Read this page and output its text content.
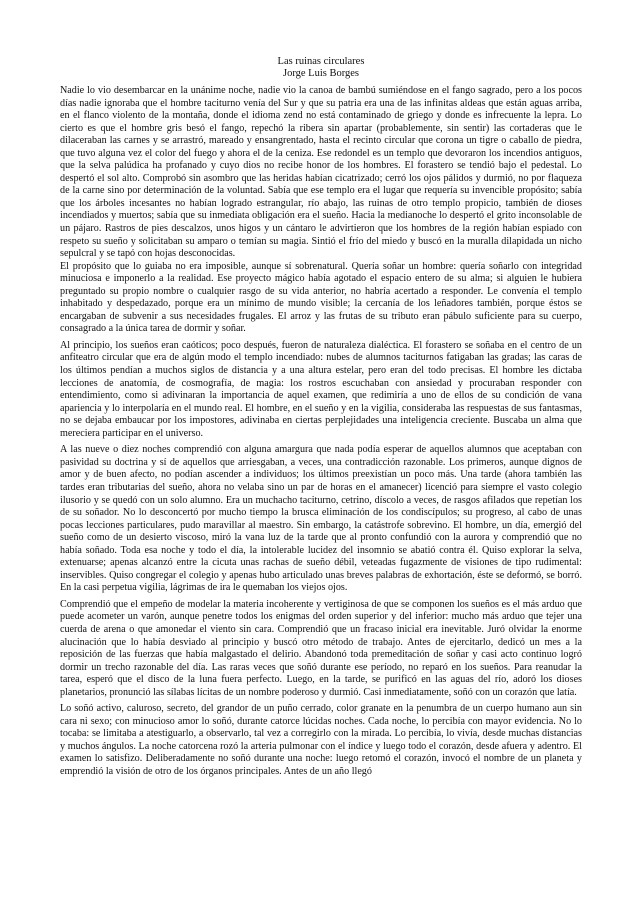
Las ruinas circulares
Jorge Luis Borges

Nadie lo vio desembarcar en la unánime noche, nadie vio la canoa de bambú sumiéndose en el fango sagrado, pero a los pocos días nadie ignoraba que el hombre taciturno venía del Sur y que su patria era una de las infinitas aldeas que están aguas arriba, en el flanco violento de la montaña, donde el idioma zend no está contaminado de griego y donde es infrecuente la lepra. Lo cierto es que el hombre gris besó el fango, repechó la ribera sin apartar (probablemente, sin sentir) las cortaderas que le dilaceraban las carnes y se arrastró, mareado y ensangrentado, hasta el recinto circular que corona un tigre o caballo de piedra, que tuvo alguna vez el color del fuego y ahora el de la ceniza. Ese redondel es un templo que devoraron los incendios antiguos, que la selva palúdica ha profanado y cuyo dios no recibe honor de los hombres. El forastero se tendió bajo el pedestal. Lo despertó el sol alto. Comprobó sin asombro que las heridas habían cicatrizado; cerró los ojos pálidos y durmió, no por flaqueza de la carne sino por determinación de la voluntad. Sabía que ese templo era el lugar que requería su invencible propósito; sabía que los árboles incesantes no habían logrado estrangular, río abajo, las ruinas de otro templo propicio, también de dioses incendiados y muertos; sabía que su inmediata obligación era el sueño. Hacia la medianoche lo despertó el grito inconsolable de un pájaro. Rastros de pies descalzos, unos higos y un cántaro le advirtieron que los hombres de la región habían espiado con respeto su sueño y solicitaban su amparo o temían su magia. Sintió el frío del miedo y buscó en la muralla dilapidada un nicho sepulcral y se tapó con hojas desconocidas.

El propósito que lo guiaba no era imposible, aunque sí sobrenatural. Quería soñar un hombre: quería soñarlo con integridad minuciosa e imponerlo a la realidad. Ese proyecto mágico había agotado el espacio entero de su alma; si alguien le hubiera preguntado su propio nombre o cualquier rasgo de su vida anterior, no habría acertado a responder. Le convenía el templo inhabitado y despedazado, porque era un mínimo de mundo visible; la cercanía de los leñadores también, porque éstos se encargaban de subvenir a sus necesidades frugales. El arroz y las frutas de su tributo eran pábulo suficiente para su cuerpo, consagrado a la única tarea de dormir y soñar.

Al principio, los sueños eran caóticos; poco después, fueron de naturaleza dialéctica. El forastero se soñaba en el centro de un anfiteatro circular que era de algún modo el templo incendiado: nubes de alumnos taciturnos fatigaban las gradas; las caras de los últimos pendían a muchos siglos de distancia y a una altura estelar, pero eran del todo precisas. El hombre les dictaba lecciones de anatomía, de cosmografía, de magia: los rostros escuchaban con ansiedad y procuraban responder con entendimiento, como si adivinaran la importancia de aquel examen, que redimiría a uno de ellos de su condición de vana apariencia y lo interpolaría en el mundo real. El hombre, en el sueño y en la vigilia, consideraba las respuestas de sus fantasmas, no se dejaba embaucar por los impostores, adivinaba en ciertas perplejidades una inteligencia creciente. Buscaba un alma que mereciera participar en el universo.

A las nueve o diez noches comprendió con alguna amargura que nada podía esperar de aquellos alumnos que aceptaban con pasividad su doctrina y sí de aquellos que arriesgaban, a veces, una contradicción razonable. Los primeros, aunque dignos de amor y de buen afecto, no podían ascender a individuos; los últimos preexistían un poco más. Una tarde (ahora también las tardes eran tributarias del sueño, ahora no velaba sino un par de horas en el amanecer) licenció para siempre el vasto colegio ilusorio y se quedó con un solo alumno. Era un muchacho taciturno, cetrino, díscolo a veces, de rasgos afilados que repetían los de su soñador. No lo desconcertó por mucho tiempo la brusca eliminación de los condiscípulos; su progreso, al cabo de unas pocas lecciones particulares, pudo maravillar al maestro. Sin embargo, la catástrofe sobrevino. El hombre, un día, emergió del sueño como de un desierto viscoso, miró la vana luz de la tarde que al pronto confundió con la aurora y comprendió que no había soñado. Toda esa noche y todo el día, la intolerable lucidez del insomnio se abatió contra él. Quiso explorar la selva, extenuarse; apenas alcanzó entre la cicuta unas rachas de sueño débil, veteadas fugazmente de visiones de tipo rudimental: inservibles. Quiso congregar el colegio y apenas hubo articulado unas breves palabras de exhortación, éste se deformó, se borró. En la casi perpetua vigilia, lágrimas de ira le quemaban los viejos ojos.

Comprendió que el empeño de modelar la materia incoherente y vertiginosa de que se componen los sueños es el más arduo que puede acometer un varón, aunque penetre todos los enigmas del orden superior y del inferior: mucho más arduo que tejer una cuerda de arena o que amonedar el viento sin cara. Comprendió que un fracaso inicial era inevitable. Juró olvidar la enorme alucinación que lo había desviado al principio y buscó otro método de trabajo. Antes de ejercitarlo, dedicó un mes a la reposición de las fuerzas que había malgastado el delirio. Abandonó toda premeditación de soñar y casi acto continuo logró dormir un trecho razonable del día. Las raras veces que soñó durante ese período, no reparó en los sueños. Para reanudar la tarea, esperó que el disco de la luna fuera perfecto. Luego, en la tarde, se purificó en las aguas del río, adoró los dioses planetarios, pronunció las sílabas lícitas de un nombre poderoso y durmió. Casi inmediatamente, soñó con un corazón que latía.

Lo soñó activo, caluroso, secreto, del grandor de un puño cerrado, color granate en la penumbra de un cuerpo humano aun sin cara ni sexo; con minucioso amor lo soñó, durante catorce lúcidas noches. Cada noche, lo percibía con mayor evidencia. No lo tocaba: se limitaba a atestiguarlo, a observarlo, tal vez a corregirlo con la mirada. Lo percibía, lo vivía, desde muchas distancias y muchos ángulos. La noche catorcena rozó la arteria pulmonar con el índice y luego todo el corazón, desde afuera y adentro. El examen lo satisfizo. Deliberadamente no soñó durante una noche: luego retomó el corazón, invocó el nombre de un planeta y emprendió la visión de otro de los órganos principales. Antes de un año llegó
